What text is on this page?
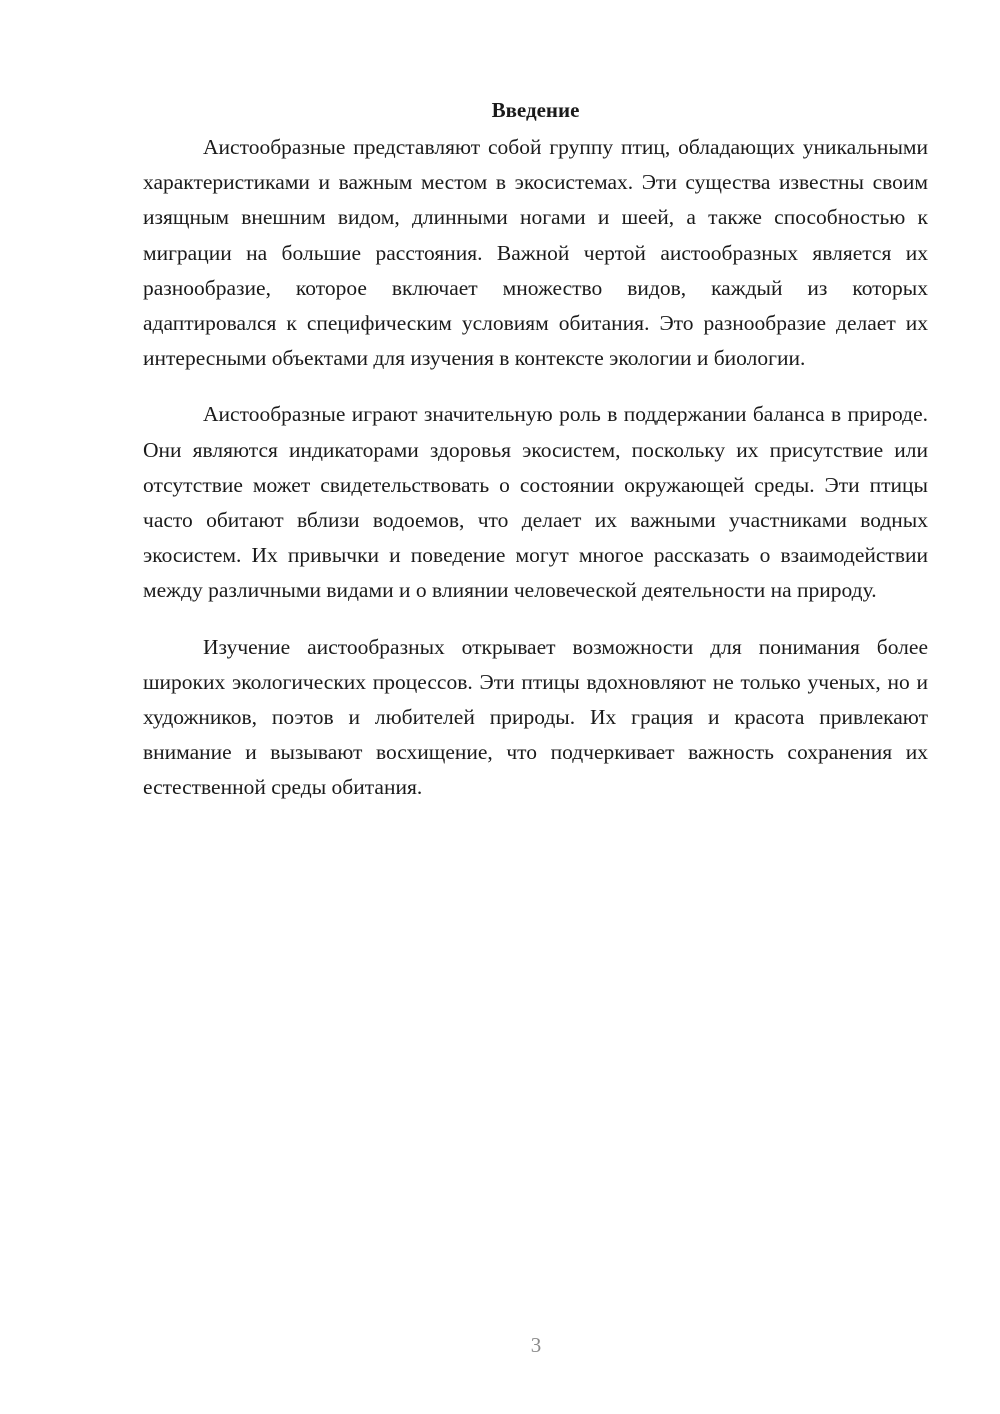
Введение

Аистообразные представляют собой группу птиц, обладающих уникальными характеристиками и важным местом в экосистемах. Эти существа известны своим изящным внешним видом, длинными ногами и шеей, а также способностью к миграции на большие расстояния. Важной чертой аистообразных является их разнообразие, которое включает множество видов, каждый из которых адаптировался к специфическим условиям обитания. Это разнообразие делает их интересными объектами для изучения в контексте экологии и биологии.

Аистообразные играют значительную роль в поддержании баланса в природе. Они являются индикаторами здоровья экосистем, поскольку их присутствие или отсутствие может свидетельствовать о состоянии окружающей среды. Эти птицы часто обитают вблизи водоемов, что делает их важными участниками водных экосистем. Их привычки и поведение могут многое рассказать о взаимодействии между различными видами и о влиянии человеческой деятельности на природу.

Изучение аистообразных открывает возможности для понимания более широких экологических процессов. Эти птицы вдохновляют не только ученых, но и художников, поэтов и любителей природы. Их грация и красота привлекают внимание и вызывают восхищение, что подчеркивает важность сохранения их естественной среды обитания.

3
